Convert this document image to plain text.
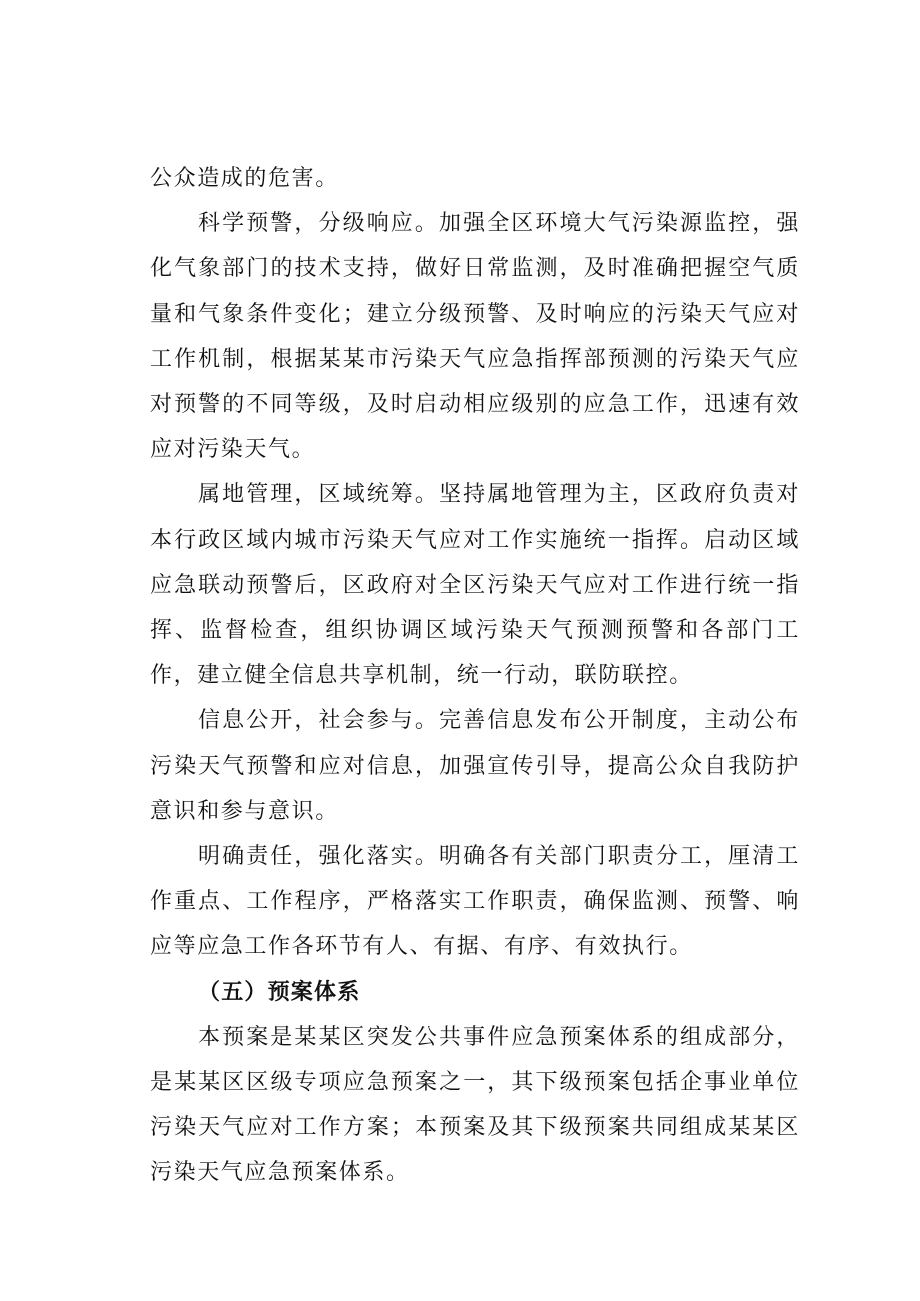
公众造成的危害。

科学预警，分级响应。加强全区环境大气污染源监控，强化气象部门的技术支持，做好日常监测，及时准确把握空气质量和气象条件变化；建立分级预警、及时响应的污染天气应对工作机制，根据某某市污染天气应急指挥部预测的污染天气应对预警的不同等级，及时启动相应级别的应急工作，迅速有效应对污染天气。

属地管理，区域统筹。坚持属地管理为主，区政府负责对本行政区域内城市污染天气应对工作实施统一指挥。启动区域应急联动预警后，区政府对全区污染天气应对工作进行统一指挥、监督检查，组织协调区域污染天气预测预警和各部门工作，建立健全信息共享机制，统一行动，联防联控。

信息公开，社会参与。完善信息发布公开制度，主动公布污染天气预警和应对信息，加强宣传引导，提高公众自我防护意识和参与意识。

明确责任，强化落实。明确各有关部门职责分工，厘清工作重点、工作程序，严格落实工作职责，确保监测、预警、响应等应急工作各环节有人、有据、有序、有效执行。

（五）预案体系

本预案是某某区突发公共事件应急预案体系的组成部分，是某某区区级专项应急预案之一，其下级预案包括企事业单位污染天气应对工作方案；本预案及其下级预案共同组成某某区污染天气应急预案体系。
